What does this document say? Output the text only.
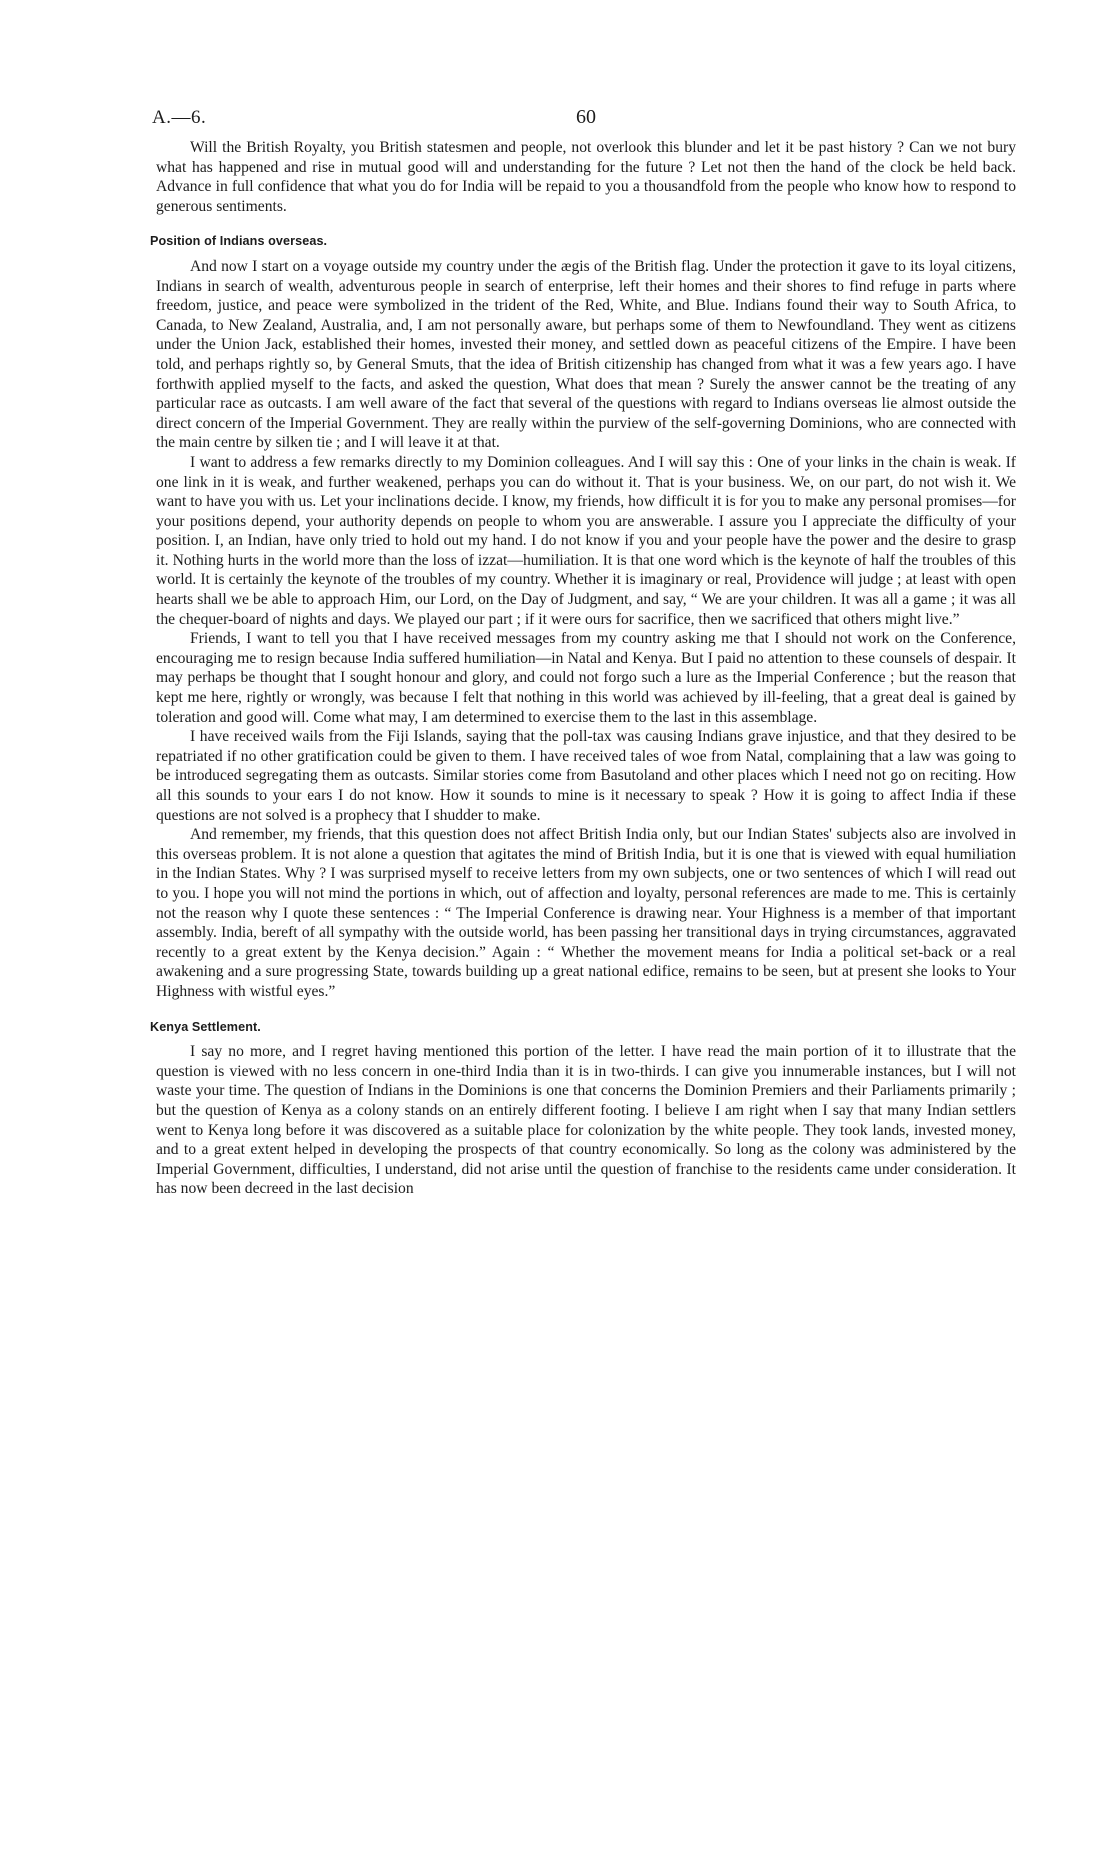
A.—6.	60

Will the British Royalty, you British statesmen and people, not overlook this blunder and let it be past history ? Can we not bury what has happened and rise in mutual good will and understanding for the future ? Let not then the hand of the clock be held back. Advance in full confidence that what you do for India will be repaid to you a thousandfold from the people who know how to respond to generous sentiments.

Position of Indians overseas.

And now I start on a voyage outside my country under the ægis of the British flag. Under the protection it gave to its loyal citizens, Indians in search of wealth, adventurous people in search of enterprise, left their homes and their shores to find refuge in parts where freedom, justice, and peace were symbolized in the trident of the Red, White, and Blue. Indians found their way to South Africa, to Canada, to New Zealand, Australia, and, I am not personally aware, but perhaps some of them to Newfoundland. They went as citizens under the Union Jack, established their homes, invested their money, and settled down as peaceful citizens of the Empire. I have been told, and perhaps rightly so, by General Smuts, that the idea of British citizenship has changed from what it was a few years ago. I have forthwith applied myself to the facts, and asked the question, What does that mean ? Surely the answer cannot be the treating of any particular race as outcasts. I am well aware of the fact that several of the questions with regard to Indians overseas lie almost outside the direct concern of the Imperial Government. They are really within the purview of the self-governing Dominions, who are connected with the main centre by silken tie ; and I will leave it at that.

I want to address a few remarks directly to my Dominion colleagues. And I will say this : One of your links in the chain is weak. If one link in it is weak, and further weakened, perhaps you can do without it. That is your business. We, on our part, do not wish it. We want to have you with us. Let your inclinations decide. I know, my friends, how difficult it is for you to make any personal promises—for your positions depend, your authority depends on people to whom you are answerable. I assure you I appreciate the difficulty of your position. I, an Indian, have only tried to hold out my hand. I do not know if you and your people have the power and the desire to grasp it. Nothing hurts in the world more than the loss of izzat—humiliation. It is that one word which is the keynote of half the troubles of this world. It is certainly the keynote of the troubles of my country. Whether it is imaginary or real, Providence will judge ; at least with open hearts shall we be able to approach Him, our Lord, on the Day of Judgment, and say, “ We are your children. It was all a game ; it was all the chequer-board of nights and days. We played our part ; if it were ours for sacrifice, then we sacrificed that others might live.”

Friends, I want to tell you that I have received messages from my country asking me that I should not work on the Conference, encouraging me to resign because India suffered humiliation—in Natal and Kenya. But I paid no attention to these counsels of despair. It may perhaps be thought that I sought honour and glory, and could not forgo such a lure as the Imperial Conference ; but the reason that kept me here, rightly or wrongly, was because I felt that nothing in this world was achieved by ill-feeling, that a great deal is gained by toleration and good will. Come what may, I am determined to exercise them to the last in this assemblage.

I have received wails from the Fiji Islands, saying that the poll-tax was causing Indians grave injustice, and that they desired to be repatriated if no other gratification could be given to them. I have received tales of woe from Natal, complaining that a law was going to be introduced segregating them as outcasts. Similar stories come from Basutoland and other places which I need not go on reciting. How all this sounds to your ears I do not know. How it sounds to mine is it necessary to speak ? How it is going to affect India if these questions are not solved is a prophecy that I shudder to make.

And remember, my friends, that this question does not affect British India only, but our Indian States' subjects also are involved in this overseas problem. It is not alone a question that agitates the mind of British India, but it is one that is viewed with equal humiliation in the Indian States. Why ? I was surprised myself to receive letters from my own subjects, one or two sentences of which I will read out to you. I hope you will not mind the portions in which, out of affection and loyalty, personal references are made to me. This is certainly not the reason why I quote these sentences : “ The Imperial Conference is drawing near. Your Highness is a member of that important assembly. India, bereft of all sympathy with the outside world, has been passing her transitional days in trying circumstances, aggravated recently to a great extent by the Kenya decision.” Again : “ Whether the movement means for India a political set-back or a real awakening and a sure progressing State, towards building up a great national edifice, remains to be seen, but at present she looks to Your Highness with wistful eyes.”

Kenya Settlement.

I say no more, and I regret having mentioned this portion of the letter. I have read the main portion of it to illustrate that the question is viewed with no less concern in one-third India than it is in two-thirds. I can give you innumerable instances, but I will not waste your time. The question of Indians in the Dominions is one that concerns the Dominion Premiers and their Parliaments primarily ; but the question of Kenya as a colony stands on an entirely different footing. I believe I am right when I say that many Indian settlers went to Kenya long before it was discovered as a suitable place for colonization by the white people. They took lands, invested money, and to a great extent helped in developing the prospects of that country economically. So long as the colony was administered by the Imperial Government, difficulties, I understand, did not arise until the question of franchise to the residents came under consideration. It has now been decreed in the last decision
